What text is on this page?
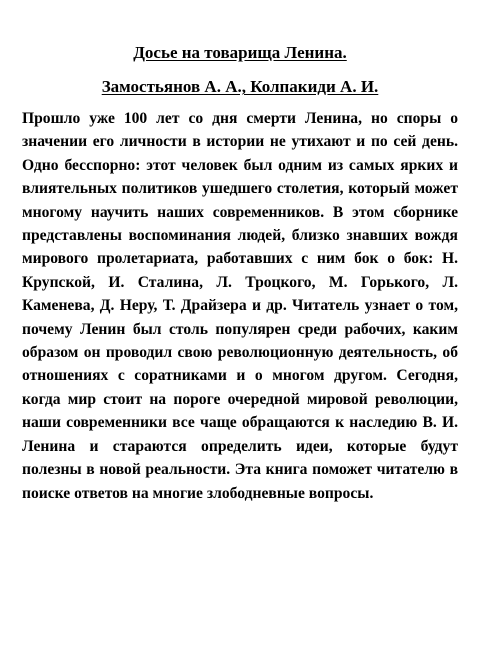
Досье на товарища Ленина.
Замостьянов А. А., Колпакиди А. И.

Прошло уже 100 лет со дня смерти Ленина, но споры о значении его личности в истории не утихают и по сей день. Одно бесспорно: этот человек был одним из самых ярких и влиятельных политиков ушедшего столетия, который может многому научить наших современников. В этом сборнике представлены воспоминания людей, близко знавших вождя мирового пролетариата, работавших с ним бок о бок: Н. Крупской, И. Сталина, Л. Троцкого, М. Горького, Л. Каменева, Д. Неру, Т. Драйзера и др. Читатель узнает о том, почему Ленин был столь популярен среди рабочих, каким образом он проводил свою революционную деятельность, об отношениях с соратниками и о многом другом. Сегодня, когда мир стоит на пороге очередной мировой революции, наши современники все чаще обращаются к наследию В. И. Ленина и стараются определить идеи, которые будут полезны в новой реальности. Эта книга поможет читателю в поиске ответов на многие злободневные вопросы.
